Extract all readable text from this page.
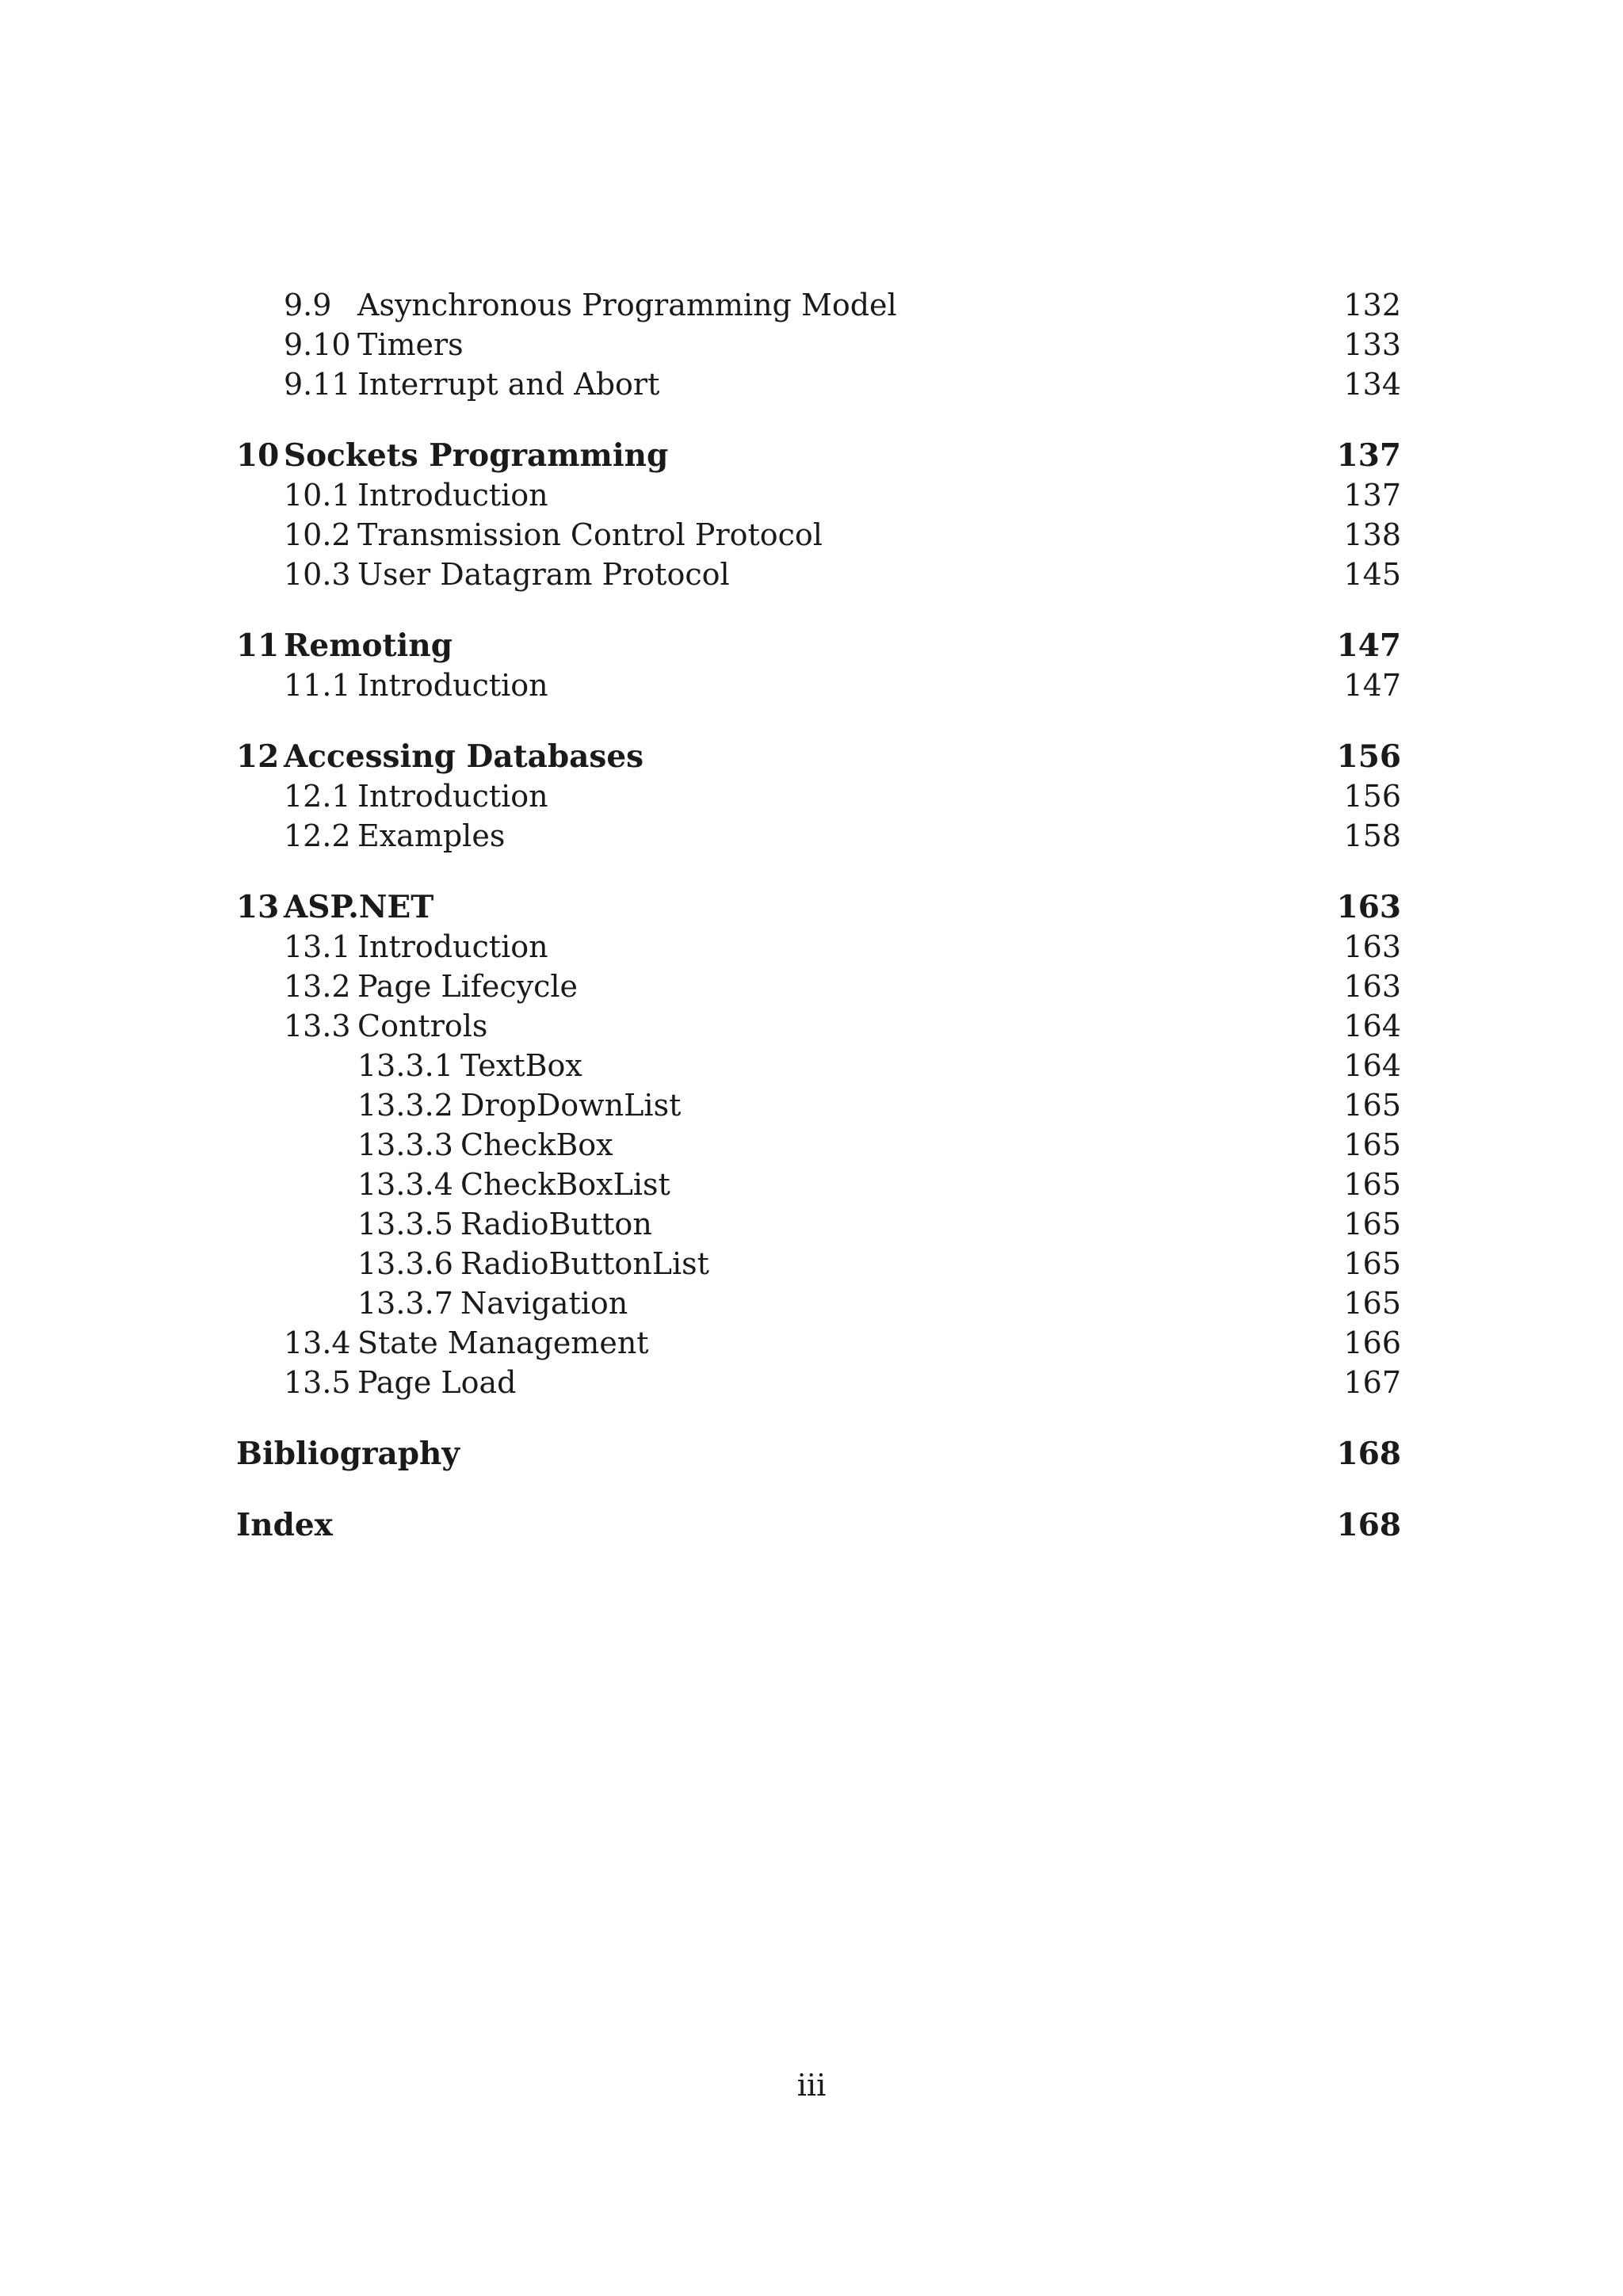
9.9 Asynchronous Programming Model	132
9.10 Timers	133
9.11 Interrupt and Abort	134
10 Sockets Programming	137
10.1 Introduction	137
10.2 Transmission Control Protocol	138
10.3 User Datagram Protocol	145
11 Remoting	147
11.1 Introduction	147
12 Accessing Databases	156
12.1 Introduction	156
12.2 Examples	158
13 ASP.NET	163
13.1 Introduction	163
13.2 Page Lifecycle	163
13.3 Controls	164
13.3.1 TextBox	164
13.3.2 DropDownList	165
13.3.3 CheckBox	165
13.3.4 CheckBoxList	165
13.3.5 RadioButton	165
13.3.6 RadioButtonList	165
13.3.7 Navigation	165
13.4 State Management	166
13.5 Page Load	167
Bibliography	168
Index	168
iii
